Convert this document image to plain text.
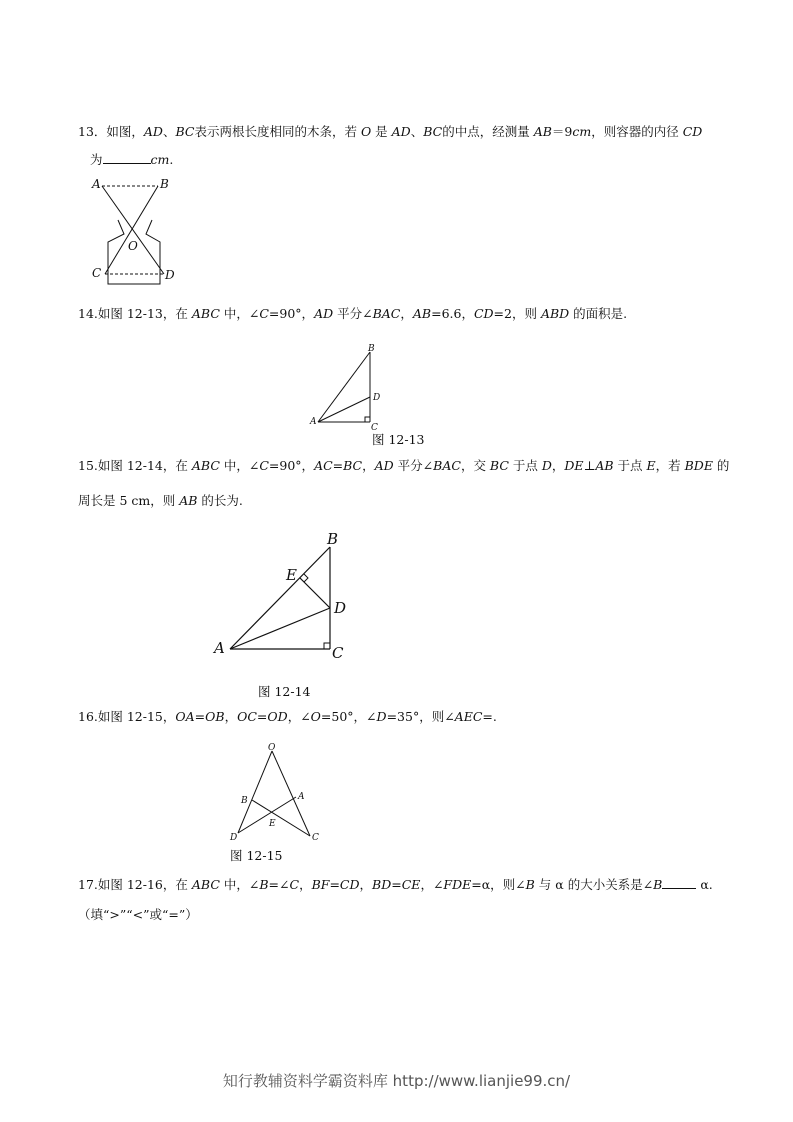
13．如图，AD、BC表示两根长度相同的木条，若 O 是 AD、BC的中点，经测量 AB＝9cm，则容器的内径 CD
为	cm.
A	B
O
C	D
14.如图 12-13，在 ABC 中，∠C=90°，AD 平分∠BAC，AB=6.6，CD=2，则 ABD 的面积是.
A
B
D
C
图 12-13
15.如图 12-14，在 ABC 中，∠C=90°，AC=BC，AD 平分∠BAC，交 BC 于点 D，DE⊥AB 于点 E，若 BDE 的
周长是 5 cm，则 AB 的长为.
A
B
E
D
C
图 12-14
16.如图 12-15，OA=OB，OC=OD，∠O=50°，∠D=35°，则∠AEC=.
O
B	A
E
D	C
图 12-15
17.如图 12-16，在 ABC 中，∠B=∠C，BF=CD，BD=CE，∠FDE=α，则∠B 与 α 的大小关系是∠B	α.
（填“>”“<”或“=”）
知行教辅资料学霸资料库 http://www.lianjie99.cn/
